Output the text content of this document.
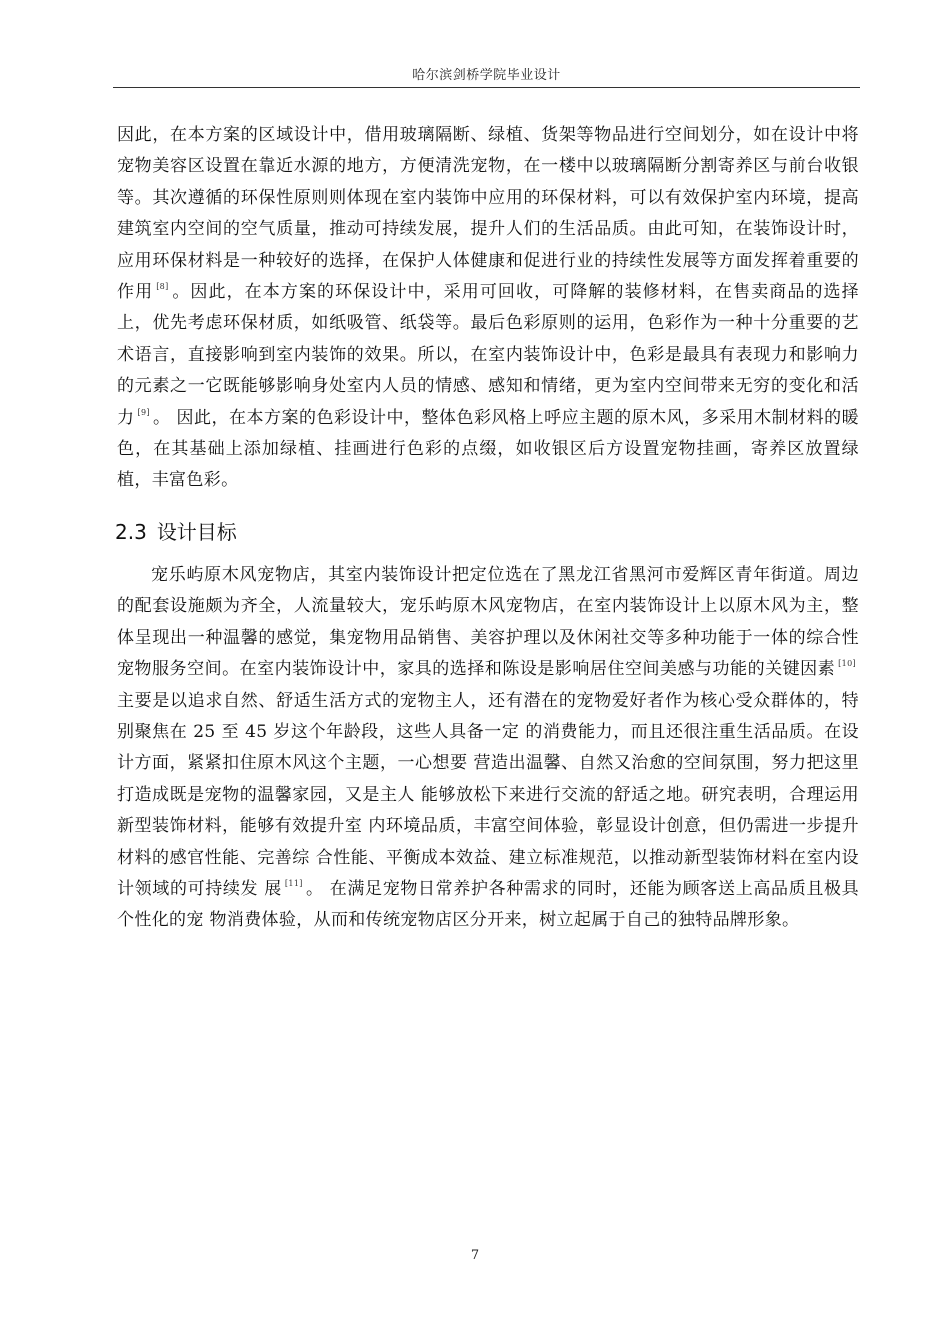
哈尔滨剑桥学院毕业设计

因此，在本方案的区域设计中，借用玻璃隔断、绿植、货架等物品进行空间划分，如在设计中将宠物美容区设置在靠近水源的地方，方便清洗宠物，在一楼中以玻璃隔断分割寄养区与前台收银等。其次遵循的环保性原则则体现在室内装饰中应用的环保材料，可以有效保护室内环境，提高建筑室内空间的空气质量，推动可持续发展，提升人们的生活品质。由此可知，在装饰设计时，应用环保材料是一种较好的选择，在保护人体健康和促进行业的持续性发展等方面发挥着重要的作用 [8] 。因此，在本方案的环保设计中，采用可回收，可降解的装修材料，在售卖商品的选择上，优先考虑环保材质，如纸吸管、纸袋等。最后色彩原则的运用，色彩作为一种十分重要的艺术语言，直接影响到室内装饰的效果。所以，在室内装饰设计中，色彩是最具有表现力和影响力的元素之一它既能够影响身处室内人员的情感、感知和情绪，更为室内空间带来无穷的变化和活力 [9] 。 因此，在本方案的色彩设计中，整体色彩风格上呼应主题的原木风，多采用木制材料的暖色，在其基础上添加绿植、挂画进行色彩的点缀，如收银区后方设置宠物挂画，寄养区放置绿植，丰富色彩。

2.3 设计目标

宠乐屿原木风宠物店，其室内装饰设计把定位选在了黑龙江省黑河市爱辉区青年街道。周边的配套设施颇为齐全，人流量较大，宠乐屿原木风宠物店，在室内装饰设计上以原木风为主，整体呈现出一种温馨的感觉，集宠物用品销售、美容护理以及休闲社交等多种功能于一体的综合性宠物服务空间。在室内装饰设计中，家具的选择和陈设是影响居住空间美感与功能的关键因素 [10]主要是以追求自然、舒适生活方式的宠物主人，还有潜在的宠物爱好者作为核心受众群体的，特别聚焦在 25 至 45 岁这个年龄段，这些人具备一定 的消费能力，而且还很注重生活品质。在设计方面，紧紧扣住原木风这个主题，一心想要 营造出温馨、自然又治愈的空间氛围，努力把这里打造成既是宠物的温馨家园，又是主人 能够放松下来进行交流的舒适之地。研究表明，合理运用新型装饰材料，能够有效提升室 内环境品质，丰富空间体验，彰显设计创意，但仍需进一步提升材料的感官性能、完善综 合性能、平衡成本效益、建立标准规范，以推动新型装饰材料在室内设计领域的可持续发 展 [11] 。 在满足宠物日常养护各种需求的同时，还能为顾客送上高品质且极具个性化的宠 物消费体验，从而和传统宠物店区分开来，树立起属于自己的独特品牌形象。

7
